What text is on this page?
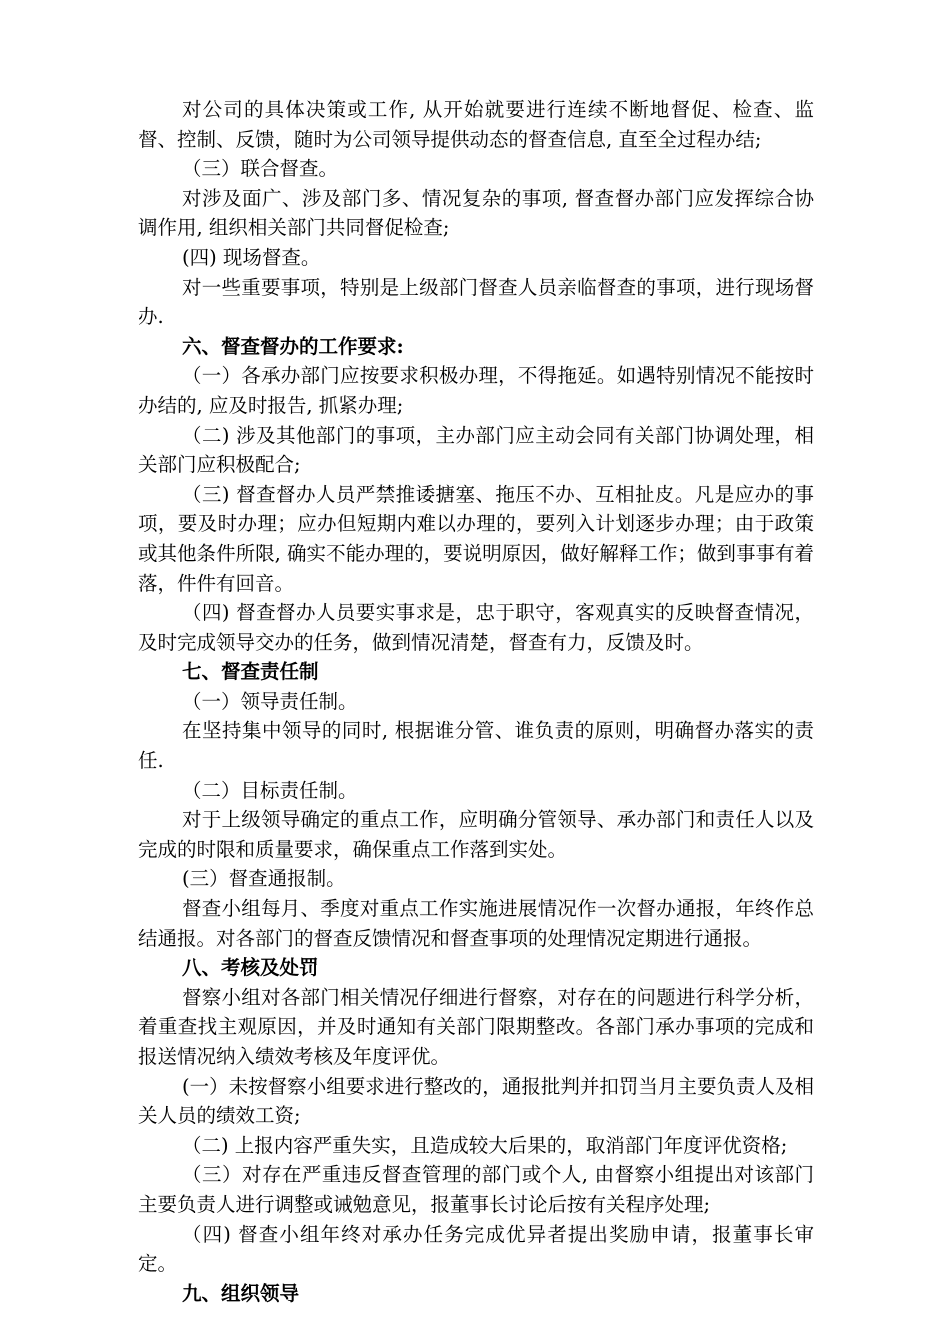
对公司的具体决策或工作, 从开始就要进行连续不断地督促、检查、监督、控制、反馈，随时为公司领导提供动态的督查信息, 直至全过程办结;

（三）联合督查。

对涉及面广、涉及部门多、情况复杂的事项, 督查督办部门应发挥综合协调作用, 组织相关部门共同督促检查;

(四) 现场督查。

对一些重要事项，特别是上级部门督查人员亲临督查的事项，进行现场督办.

六、督查督办的工作要求:

（一）各承办部门应按要求积极办理，不得拖延。如遇特别情况不能按时办结的, 应及时报告, 抓紧办理;

（二) 涉及其他部门的事项，主办部门应主动会同有关部门协调处理，相关部门应积极配合;

（三) 督查督办人员严禁推诿搪塞、拖压不办、互相扯皮。凡是应办的事项，要及时办理；应办但短期内难以办理的，要列入计划逐步办理；由于政策或其他条件所限, 确实不能办理的，要说明原因，做好解释工作；做到事事有着落，件件有回音。

（四) 督查督办人员要实事求是，忠于职守，客观真实的反映督查情况，及时完成领导交办的任务，做到情况清楚，督查有力，反馈及时。

七、督查责任制

（一）领导责任制。

在坚持集中领导的同时, 根据谁分管、谁负责的原则，明确督办落实的责任.

（二）目标责任制。

对于上级领导确定的重点工作，应明确分管领导、承办部门和责任人以及完成的时限和质量要求，确保重点工作落到实处。

(三）督查通报制。

督查小组每月、季度对重点工作实施进展情况作一次督办通报，年终作总结通报。对各部门的督查反馈情况和督查事项的处理情况定期进行通报。

八、考核及处罚

督察小组对各部门相关情况仔细进行督察，对存在的问题进行科学分析，着重查找主观原因，并及时通知有关部门限期整改。各部门承办事项的完成和报送情况纳入绩效考核及年度评优。

(一）未按督察小组要求进行整改的，通报批判并扣罚当月主要负责人及相关人员的绩效工资;

（二) 上报内容严重失实，且造成较大后果的，取消部门年度评优资格;

（三）对存在严重违反督查管理的部门或个人, 由督察小组提出对该部门主要负责人进行调整或诫勉意见，报董事长讨论后按有关程序处理;

（四) 督查小组年终对承办任务完成优异者提出奖励申请，报董事长审定。

九、组织领导
